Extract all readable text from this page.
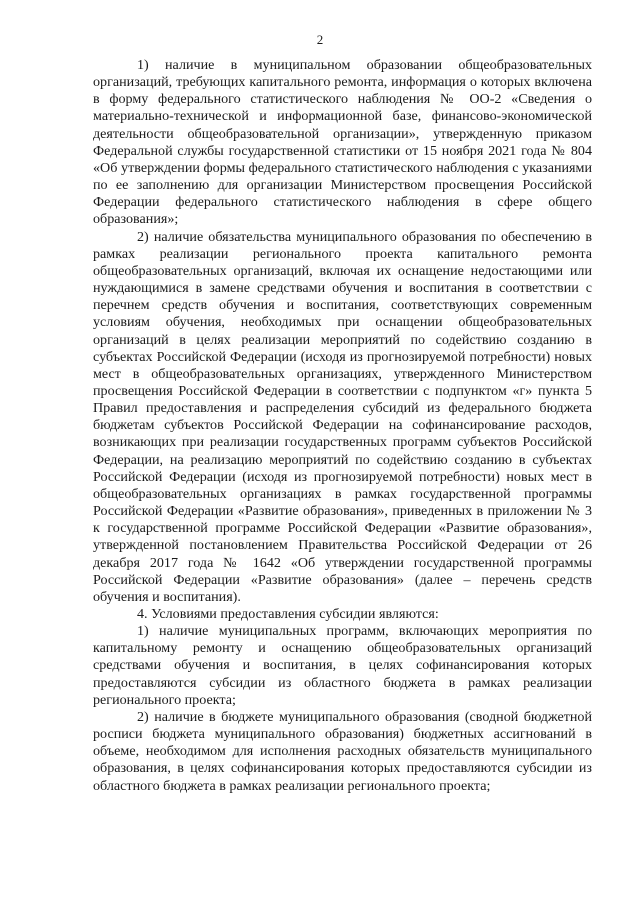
2

1) наличие в муниципальном образовании общеобразовательных организаций, требующих капитального ремонта, информация о которых включена в форму федерального статистического наблюдения № ОО-2 «Сведения о материально-технической и информационной базе, финансово-экономической деятельности общеобразовательной организации», утвержденную приказом Федеральной службы государственной статистики от 15 ноября 2021 года № 804 «Об утверждении формы федерального статистического наблюдения с указаниями по ее заполнению для организации Министерством просвещения Российской Федерации федерального статистического наблюдения в сфере общего образования»;

2) наличие обязательства муниципального образования по обеспечению в рамках реализации регионального проекта капитального ремонта общеобразовательных организаций, включая их оснащение недостающими или нуждающимися в замене средствами обучения и воспитания в соответствии с перечнем средств обучения и воспитания, соответствующих современным условиям обучения, необходимых при оснащении общеобразовательных организаций в целях реализации мероприятий по содействию созданию в субъектах Российской Федерации (исходя из прогнозируемой потребности) новых мест в общеобразовательных организациях, утвержденного Министерством просвещения Российской Федерации в соответствии с подпунктом «г» пункта 5 Правил предоставления и распределения субсидий из федерального бюджета бюджетам субъектов Российской Федерации на софинансирование расходов, возникающих при реализации государственных программ субъектов Российской Федерации, на реализацию мероприятий по содействию созданию в субъектах Российской Федерации (исходя из прогнозируемой потребности) новых мест в общеобразовательных организациях в рамках государственной программы Российской Федерации «Развитие образования», приведенных в приложении № 3 к государственной программе Российской Федерации «Развитие образования», утвержденной постановлением Правительства Российской Федерации от 26 декабря 2017 года № 1642 «Об утверждении государственной программы Российской Федерации «Развитие образования» (далее – перечень средств обучения и воспитания).

4. Условиями предоставления субсидии являются:

1) наличие муниципальных программ, включающих мероприятия по капитальному ремонту и оснащению общеобразовательных организаций средствами обучения и воспитания, в целях софинансирования которых предоставляются субсидии из областного бюджета в рамках реализации регионального проекта;

2) наличие в бюджете муниципального образования (сводной бюджетной росписи бюджета муниципального образования) бюджетных ассигнований в объеме, необходимом для исполнения расходных обязательств муниципального образования, в целях софинансирования которых предоставляются субсидии из областного бюджета в рамках реализации регионального проекта;
